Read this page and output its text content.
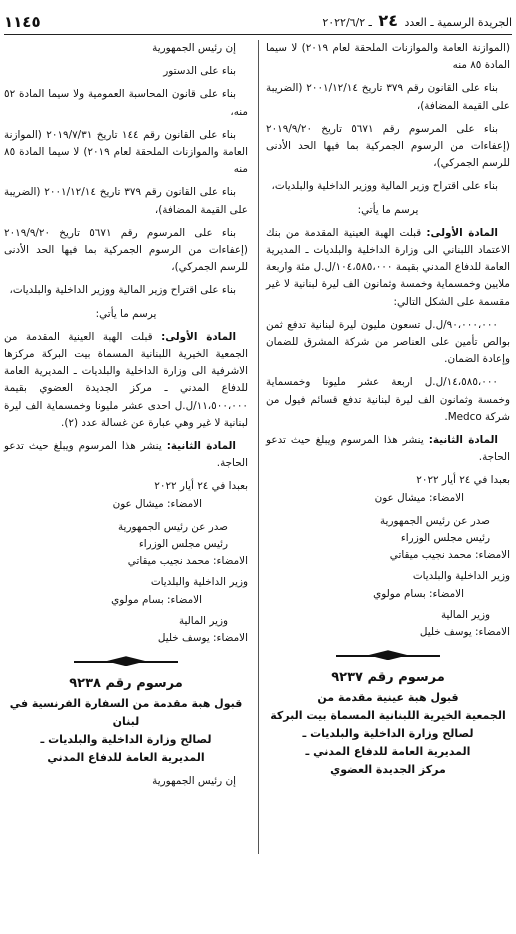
١١٤٥	الجريدة الرسمية ـ العدد ٢٤ ـ ٢٠٢٢/٦/٢

(الموازنة العامة والموازنات الملحقة لعام ٢٠١٩) لا سيما المادة ٨٥ منه

بناء على القانون رقم ٣٧٩ تاريخ ٢٠٠١/١٢/١٤ (الضريبة على القيمة المضافة)،

بناء على المرسوم رقم ٥٦٧١ تاريخ ٢٠١٩/٩/٢٠ (إعفاءات من الرسوم الجمركية بما فيها الحد الأدنى للرسم الجمركي)،

بناء على اقتراح وزير المالية ووزير الداخلية والبلديات،

يرسم ما يأتي:

المادة الأولى: قبلت الهبة العينية المقدمة من بنك الاعتماد اللبناني الى وزارة الداخلية والبلديات ـ المديرية العامة للدفاع المدني بقيمة ١٠٤،٥٨٥،٠٠٠/ل.ل مئة واربعة ملايين وخمسماية وخمسة وثمانون الف ليرة لبنانية لا غير مقسمة على الشكل التالي:

٩٠،٠٠٠،٠٠٠/ل.ل تسعون مليون ليرة لبنانية تدفع ثمن بوالص تأمين على العناصر من شركة المشرق للضمان وإعادة الضمان.

١٤،٥٨٥،٠٠٠/ل.ل اربعة عشر مليونا وخمسماية وخمسة وثمانون الف ليرة لبنانية تدفع قسائم فيول من شركة Medco.

المادة الثانية: ينشر هذا المرسوم ويبلغ حيث تدعو الحاجة.

بعبدا في ٢٤ أيار ٢٠٢٢

الامضاء: ميشال عون

صدر عن رئيس الجمهورية

رئيس مجلس الوزراء

الامضاء: محمد نجيب ميقاتي

وزير الداخلية والبلديات

الامضاء: بسام مولوي

وزير المالية

الامضاء: يوسف خليل

مرسوم رقم ٩٢٣٧

قبول هبة عينية مقدمة من

الجمعية الخيرية اللبنانية المسماة بيت البركة

لصالح وزارة الداخلية والبلديات ـ

المديرية العامة للدفاع المدني ـ

مركز الجديدة العضوي

إن رئيس الجمهورية

بناء على الدستور

بناء على قانون المحاسبة العمومية ولا سيما المادة ٥٢ منه،

بناء على القانون رقم ١٤٤ تاريخ ٢٠١٩/٧/٣١ (الموازنة العامة والموازنات الملحقة لعام ٢٠١٩) لا سيما المادة ٨٥ منه

بناء على القانون رقم ٣٧٩ تاريخ ٢٠٠١/١٢/١٤ (الضريبة على القيمة المضافة)،

بناء على المرسوم رقم ٥٦٧١ تاريخ ٢٠١٩/٩/٢٠ (إعفاءات من الرسوم الجمركية بما فيها الحد الأدنى للرسم الجمركي)،

بناء على اقتراح وزير المالية ووزير الداخلية والبلديات،

يرسم ما يأتي:

المادة الأولى: قبلت الهبة العينية المقدمة من الجمعية الخيرية اللبنانية المسماة بيت البركة مركزها الاشرفية الى وزارة الداخلية والبلديات ـ المديرية العامة للدفاع المدني ـ مركز الجديدة العضوي بقيمة ١١،٥٠٠،٠٠٠/ل.ل احدى عشر مليونا وخمسماية الف ليرة لبنانية لا غير وهي عبارة عن غسالة عدد (٢).

المادة الثانية: ينشر هذا المرسوم ويبلغ حيث تدعو الحاجة.

بعبدا في ٢٤ أيار ٢٠٢٢

الامضاء: ميشال عون

صدر عن رئيس الجمهورية

رئيس مجلس الوزراء

الامضاء: محمد نجيب ميقاتي

وزير الداخلية والبلديات

الامضاء: بسام مولوي

وزير المالية

الامضاء: يوسف خليل

مرسوم رقم ٩٢٣٨

قبول هبة مقدمة من السفارة الفرنسية في لبنان

لصالح وزارة الداخلية والبلديات ـ

المديرية العامة للدفاع المدني

إن رئيس الجمهورية
